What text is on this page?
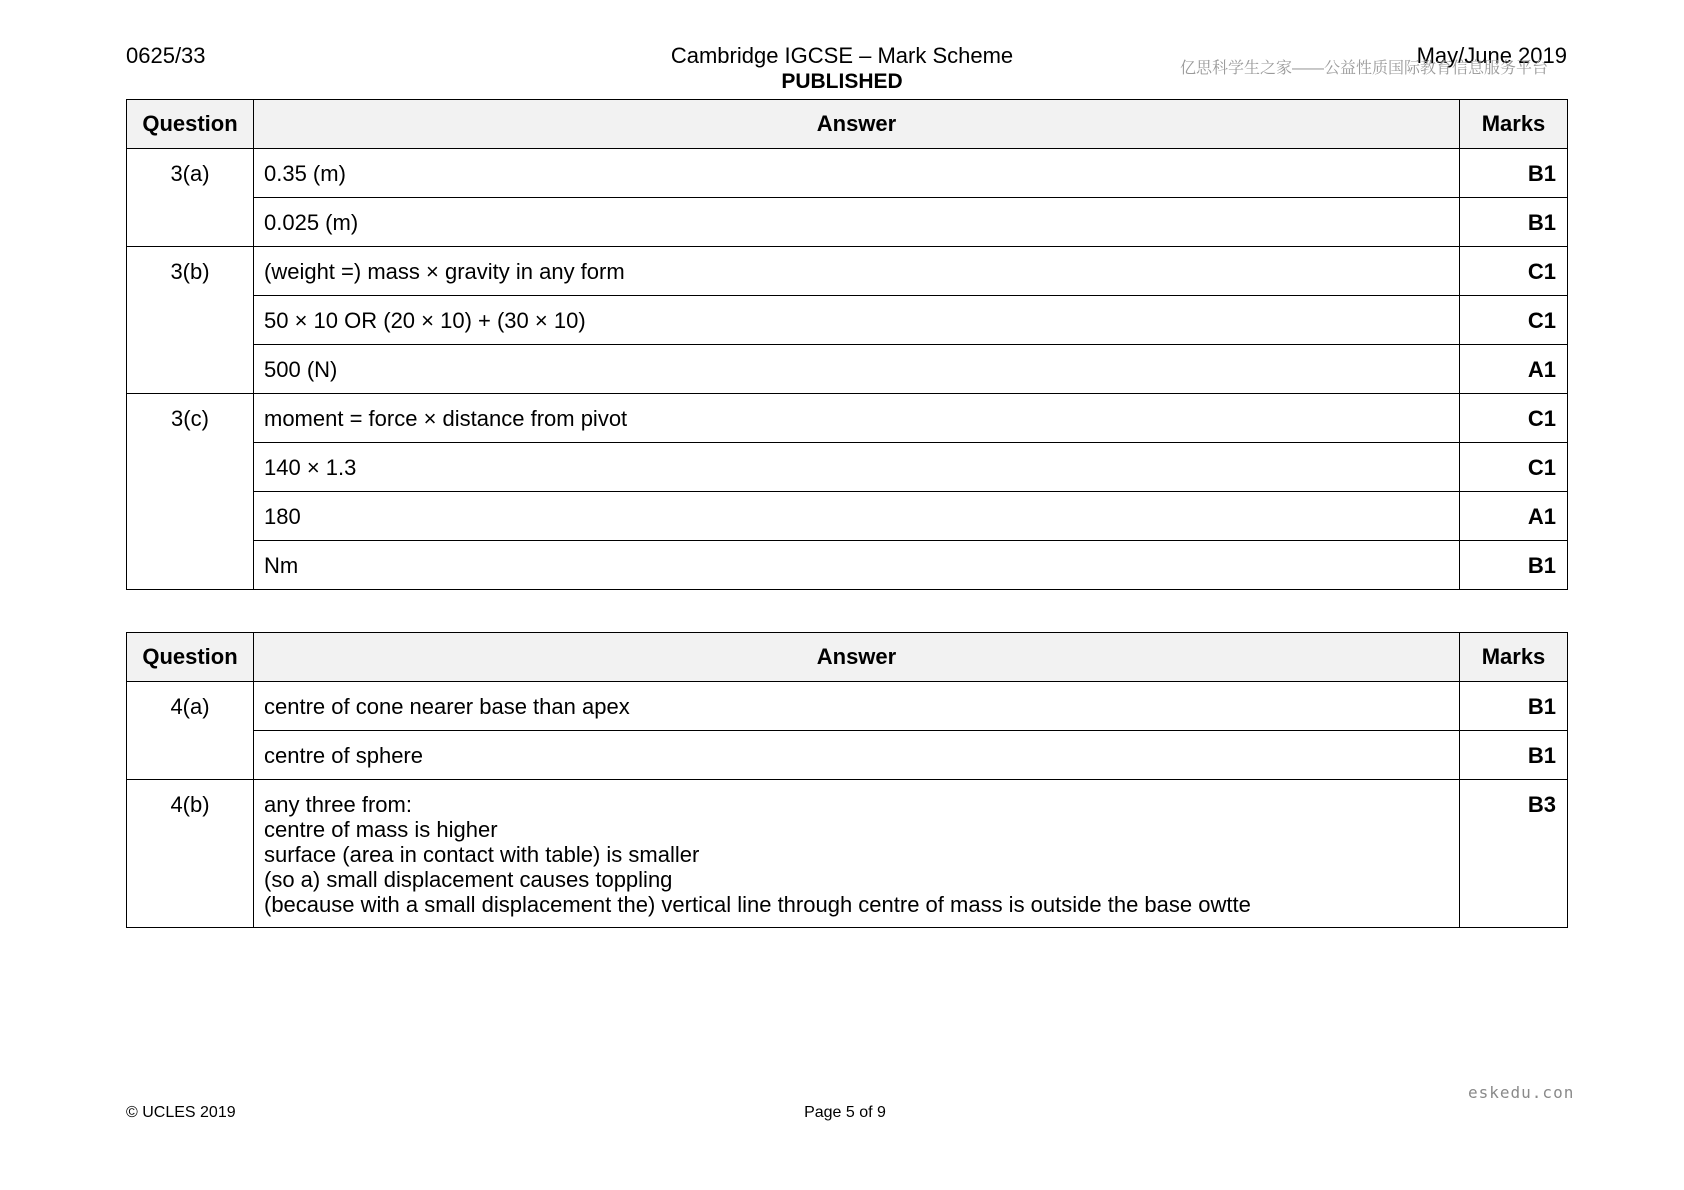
0625/33	Cambridge IGCSE – Mark Scheme
PUBLISHED
May/June 2019
亿思科学生之家——公益性质国际教育信息服务平台
Question	Answer	Marks
3(a)	0.35 (m)	B1
	0.025 (m)	B1
3(b)	(weight =) mass × gravity in any form	C1
	50 × 10 OR (20 × 10) + (30 × 10)	C1
	500 (N)	A1
3(c)	moment = force × distance from pivot	C1
	140 × 1.3	C1
	180	A1
	Nm	B1
Question	Answer	Marks
4(a)	centre of cone nearer base than apex	B1
	centre of sphere	B1
4(b)	any three from:
centre of mass is higher
surface (area in contact with table) is smaller
(so a) small displacement causes toppling
(because with a small displacement the) vertical line through centre of mass is outside the base owtte	B3
eskedu.con
© UCLES 2019	Page 5 of 9
